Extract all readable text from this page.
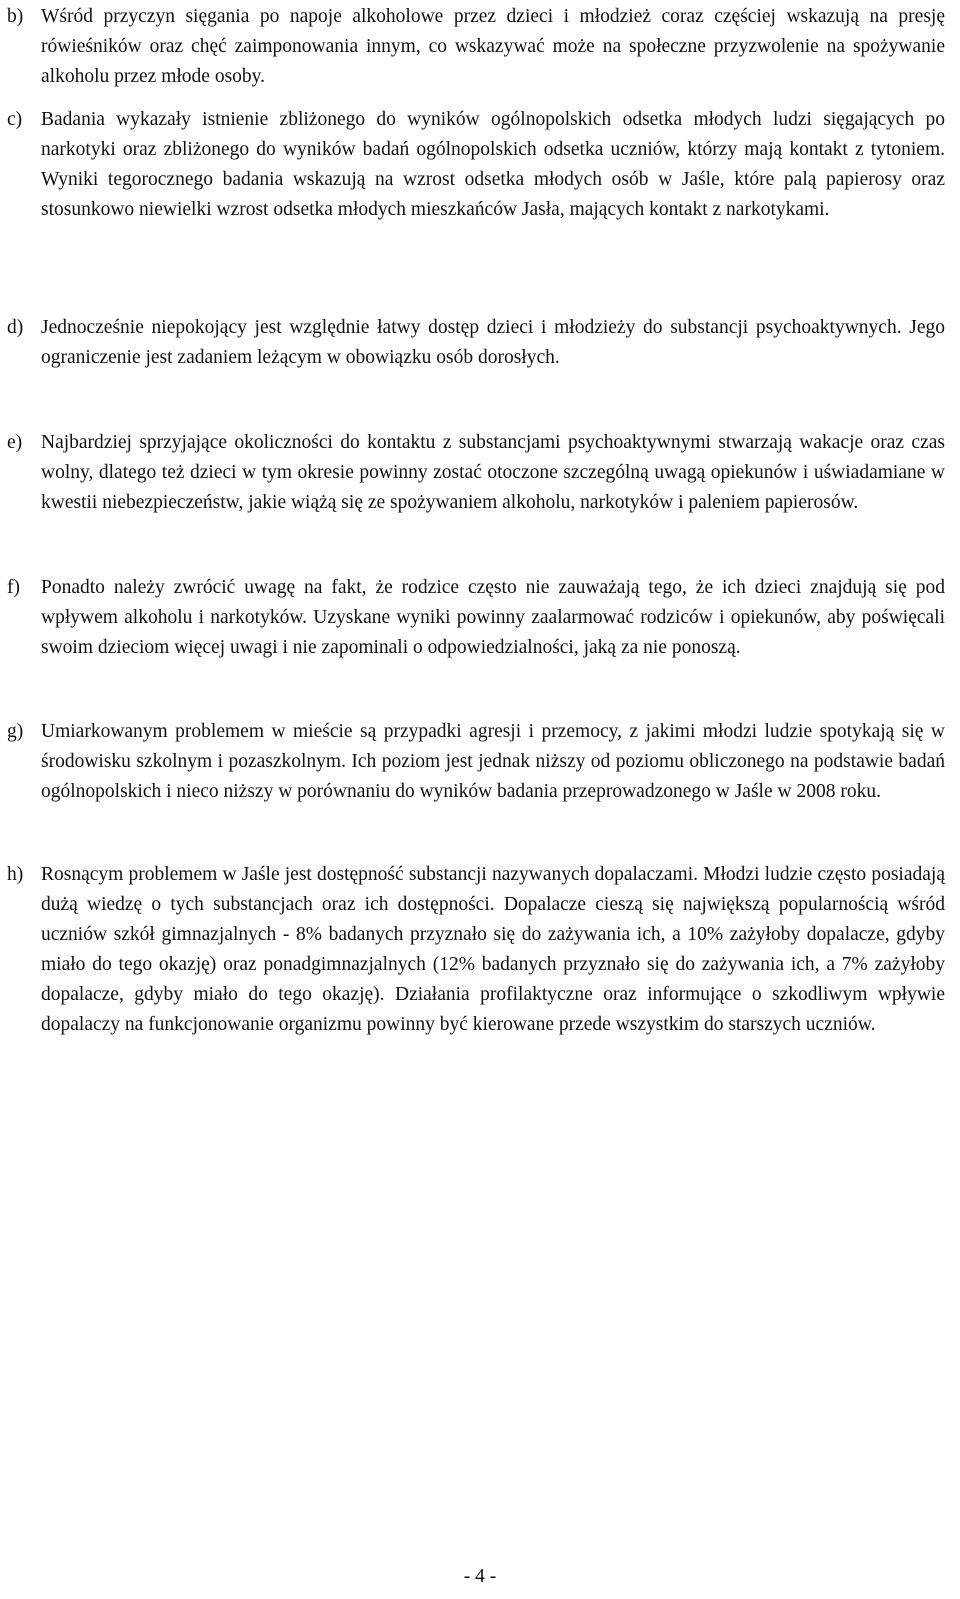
b) Wśród przyczyn sięgania po napoje alkoholowe przez dzieci i młodzież coraz częściej wskazują na presję rówieśników oraz chęć zaimponowania innym, co wskazywać może na społeczne przyzwolenie na spożywanie alkoholu przez młode osoby.
c) Badania wykazały istnienie zbliżonego do wyników ogólnopolskich odsetka młodych ludzi sięgających po narkotyki oraz zbliżonego do wyników badań ogólnopolskich odsetka uczniów, którzy mają kontakt z tytoniem. Wyniki tegorocznego badania wskazują na wzrost odsetka młodych osób w Jaśle, które palą papierosy oraz stosunkowo niewielki wzrost odsetka młodych mieszkańców Jasła, mających kontakt z narkotykami.
d) Jednocześnie niepokojący jest względnie łatwy dostęp dzieci i młodzieży do substancji psychoaktywnych. Jego ograniczenie jest zadaniem leżącym w obowiązku osób dorosłych.
e) Najbardziej sprzyjające okoliczności do kontaktu z substancjami psychoaktywnymi stwarzają wakacje oraz czas wolny, dlatego też dzieci w tym okresie powinny zostać otoczone szczególną uwagą opiekunów i uświadamiane w kwestii niebezpieczeństw, jakie wiążą się ze spożywaniem alkoholu, narkotyków i paleniem papierosów.
f)	Ponadto należy zwrócić uwagę na fakt, że rodzice często nie zauważają tego, że ich dzieci znajdują się pod wpływem alkoholu i narkotyków. Uzyskane wyniki powinny zaalarmować rodziców i opiekunów, aby poświęcali swoim dzieciom więcej uwagi i nie zapominali o odpowiedzialności, jaką za nie ponoszą.
g) Umiarkowanym problemem w mieście są przypadki agresji i przemocy, z jakimi młodzi ludzie spotykają się w środowisku szkolnym i pozaszkolnym. Ich poziom jest jednak niższy od poziomu obliczonego na podstawie badań ogólnopolskich i nieco niższy w porównaniu do wyników badania przeprowadzonego w Jaśle w 2008 roku.
h) Rosnącym problemem w Jaśle jest dostępność substancji nazywanych dopalaczami. Młodzi ludzie często posiadają dużą wiedzę o tych substancjach oraz ich dostępności. Dopalacze cieszą się największą popularnością wśród uczniów szkół gimnazjalnych - 8% badanych przyznało się do zażywania ich, a 10% zażyłoby dopalacze, gdyby miało do tego okazję) oraz ponadgimnazjalnych (12% badanych przyznało się do zażywania ich, a 7% zażyłoby dopalacze, gdyby miało do tego okazję). Działania profilaktyczne oraz informujące o szkodliwym wpływie dopalaczy na funkcjonowanie organizmu powinny być kierowane przede wszystkim do starszych uczniów.
- 4 -
